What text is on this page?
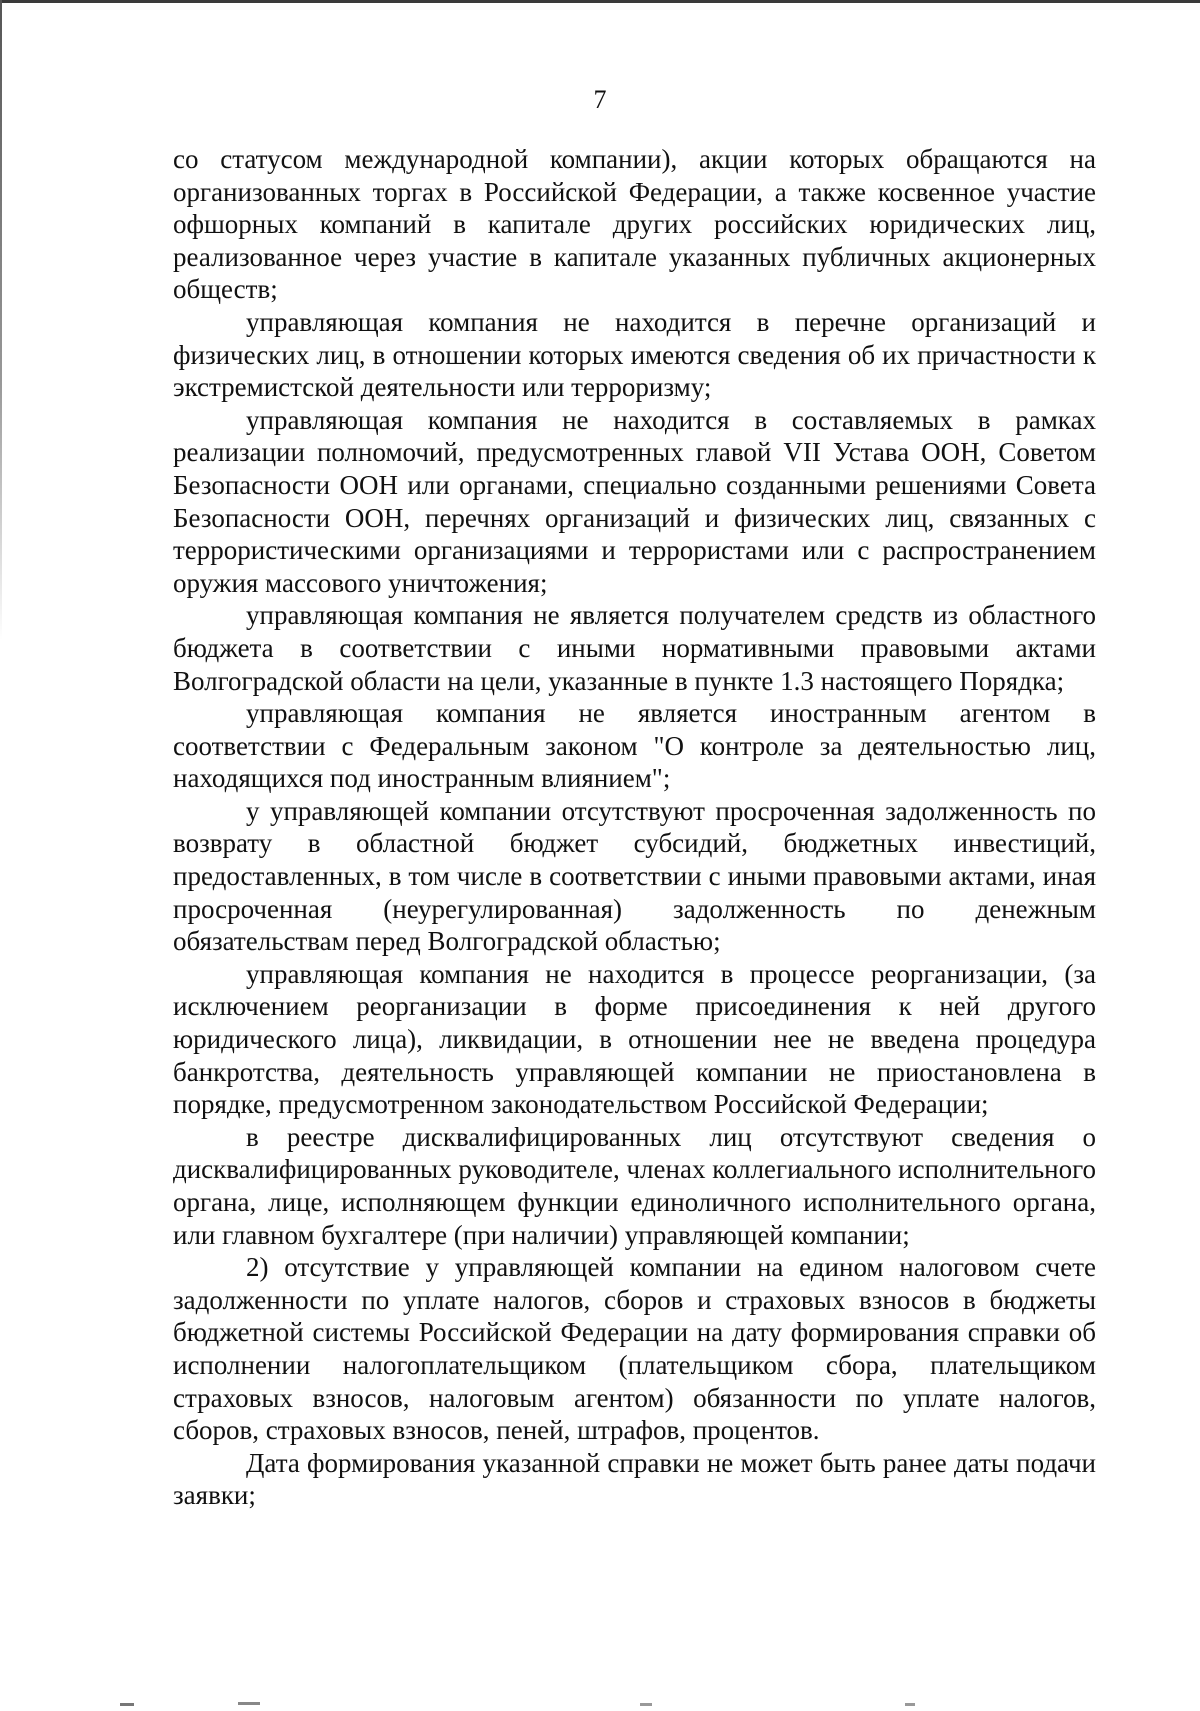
7

со статусом международной компании), акции которых обращаются на организованных торгах в Российской Федерации, а также косвенное участие офшорных компаний в капитале других российских юридических лиц, реализованное через участие в капитале указанных публичных акционерных обществ;

управляющая компания не находится в перечне организаций и физических лиц, в отношении которых имеются сведения об их причастности к экстремистской деятельности или терроризму;

управляющая компания не находится в составляемых в рамках реализации полномочий, предусмотренных главой VII Устава ООН, Советом Безопасности ООН или органами, специально созданными решениями Совета Безопасности ООН, перечнях организаций и физических лиц, связанных с террористическими организациями и террористами или с распространением оружия массового уничтожения;

управляющая компания не является получателем средств из областного бюджета в соответствии с иными нормативными правовыми актами Волгоградской области на цели, указанные в пункте 1.3 настоящего Порядка;

управляющая компания не является иностранным агентом в соответствии с Федеральным законом "О контроле за деятельностью лиц, находящихся под иностранным влиянием";

у управляющей компании отсутствуют просроченная задолженность по возврату в областной бюджет субсидий, бюджетных инвестиций, предоставленных, в том числе в соответствии с иными правовыми актами, иная просроченная (неурегулированная) задолженность по денежным обязательствам перед Волгоградской областью;

управляющая компания не находится в процессе реорганизации, (за исключением реорганизации в форме присоединения к ней другого юридического лица), ликвидации, в отношении нее не введена процедура банкротства, деятельность управляющей компании не приостановлена в порядке, предусмотренном законодательством Российской Федерации;

в реестре дисквалифицированных лиц отсутствуют сведения о дисквалифицированных руководителе, членах коллегиального исполнительного органа, лице, исполняющем функции единоличного исполнительного органа, или главном бухгалтере (при наличии) управляющей компании;

2) отсутствие у управляющей компании на едином налоговом счете задолженности по уплате налогов, сборов и страховых взносов в бюджеты бюджетной системы Российской Федерации на дату формирования справки об исполнении налогоплательщиком (плательщиком сбора, плательщиком страховых взносов, налоговым агентом) обязанности по уплате налогов, сборов, страховых взносов, пеней, штрафов, процентов.

Дата формирования указанной справки не может быть ранее даты подачи заявки;
